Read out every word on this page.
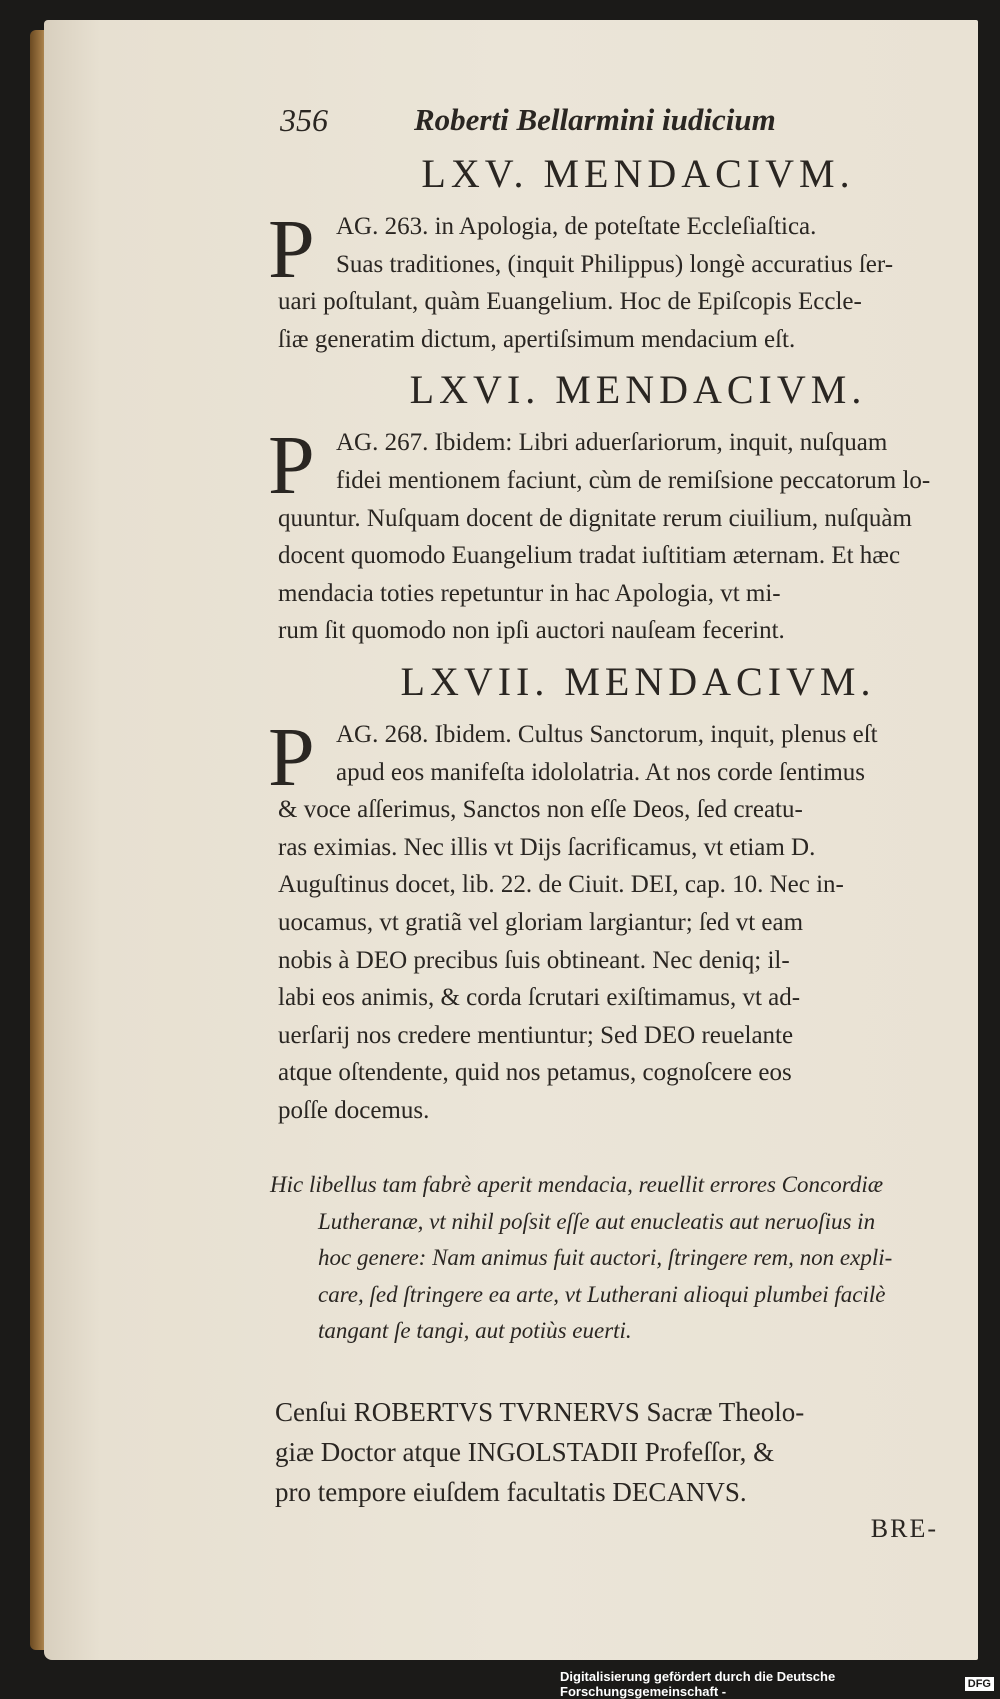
356	Roberti Bellarmini iudicium
LXV. MENDACIVM.
P AG. 263. in Apologia, de poteſtate Eccleſiaſtica.
Suas traditiones, (inquit Philippus) longè accuratius ſer-
uari poſtulant, quàm Euangelium. Hoc de Epiſcopis Eccle-
ſiæ generatim dictum, apertiſsimum mendacium eſt.
LXVI. MENDACIVM.
P AG. 267. Ibidem: Libri aduerſariorum, inquit, nuſquam
fidei mentionem faciunt, cùm de remiſsione peccatorum lo-
quuntur. Nuſquam docent de dignitate rerum ciuilium, nuſquàm
docent quomodo Euangelium tradat iuſtitiam æternam. Et hæc
mendacia toties repetuntur in hac Apologia, vt mi-
rum ſit quomodo non ipſi auctori nauſeam fecerint.
LXVII. MENDACIVM.
P AG. 268. Ibidem. Cultus Sanctorum, inquit, plenus eſt
apud eos manifeſta idololatria. At nos corde ſentimus
& voce aſſerimus, Sanctos non eſſe Deos, ſed creatu-
ras eximias. Nec illis vt Dijs ſacrificamus, vt etiam D.
Auguſtinus docet, lib. 22. de Ciuit. DEI, cap. 10. Nec in-
uocamus, vt gratiã vel gloriam largiantur; ſed vt eam
nobis à DEO precibus ſuis obtineant. Nec deniq; il-
labi eos animis, & corda ſcrutari exiſtimamus, vt ad-
uerſarij nos credere mentiuntur; Sed DEO reuelante
atque oſtendente, quid nos petamus, cognoſcere eos
poſſe docemus.
Hic libellus tam fabrè aperit mendacia, reuellit errores Concordiæ
Lutheranæ, vt nihil poſsit eſſe aut enucleatis aut neruoſius in
hoc genere: Nam animus fuit auctori, ſtringere rem, non expli-
care, ſed ſtringere ea arte, vt Lutherani alioqui plumbei facilè
tangant ſe tangi, aut potiùs euerti.
Cenſui ROBERTVS TVRNERVS Sacræ Theolo-
giæ Doctor atque INGOLSTADII Profeſſor, &
pro tempore eiuſdem facultatis DECANVS.
BRE-
Digitalisierung gefördert durch die Deutsche Forschungsgemeinschaft -	DFG
